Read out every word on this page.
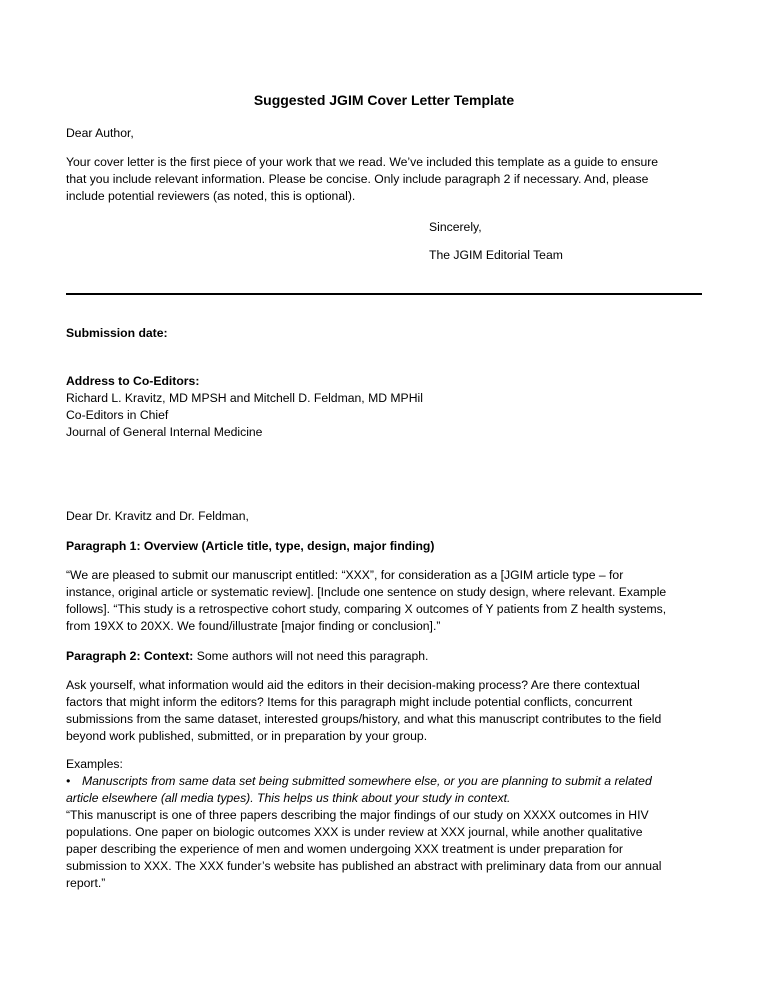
Suggested JGIM Cover Letter Template
Dear Author,

Your cover letter is the first piece of your work that we read. We’ve included this template as a guide to ensure

that you include relevant information. Please be concise. Only include paragraph 2 if necessary. And, please

include potential reviewers (as noted, this is optional).

Sincerely,
The JGIM Editorial Team
Submission date:

Address to Co-Editors:

Richard L. Kravitz, MD MPSH and Mitchell D. Feldman, MD MPHil

Co-Editors in Chief

Journal of General Internal Medicine

Dear Dr. Kravitz and Dr. Feldman,
Paragraph 1: Overview (Article title, type, design, major finding)

“We are pleased to submit our manuscript entitled: “XXX”, for consideration as a [JGIM article type – for

instance, original article or systematic review]. [Include one sentence on study design, where relevant. Example

follows]. “This study is a retrospective cohort study, comparing X outcomes of Y patients from Z health systems,

from 19XX to 20XX. We found/illustrate [major finding or conclusion].”

Paragraph 2: Context: Some authors will not need this paragraph.

Ask yourself, what information would aid the editors in their decision-making process? Are there contextual

factors that might inform the editors? Items for this paragraph might include potential conflicts, concurrent

submissions from the same dataset, interested groups/history, and what this manuscript contributes to the field

beyond work published, submitted, or in preparation by your group.

Examples:

• Manuscripts from same data set being submitted somewhere else, or you are planning to submit a related

article elsewhere (all media types). This helps us think about your study in context.

“This manuscript is one of three papers describing the major findings of our study on XXXX outcomes in HIV

populations. One paper on biologic outcomes XXX is under review at XXX journal, while another qualitative

paper describing the experience of men and women undergoing XXX treatment is under preparation for

submission to XXX. The XXX funder’s website has published an abstract with preliminary data from our annual

report.”
